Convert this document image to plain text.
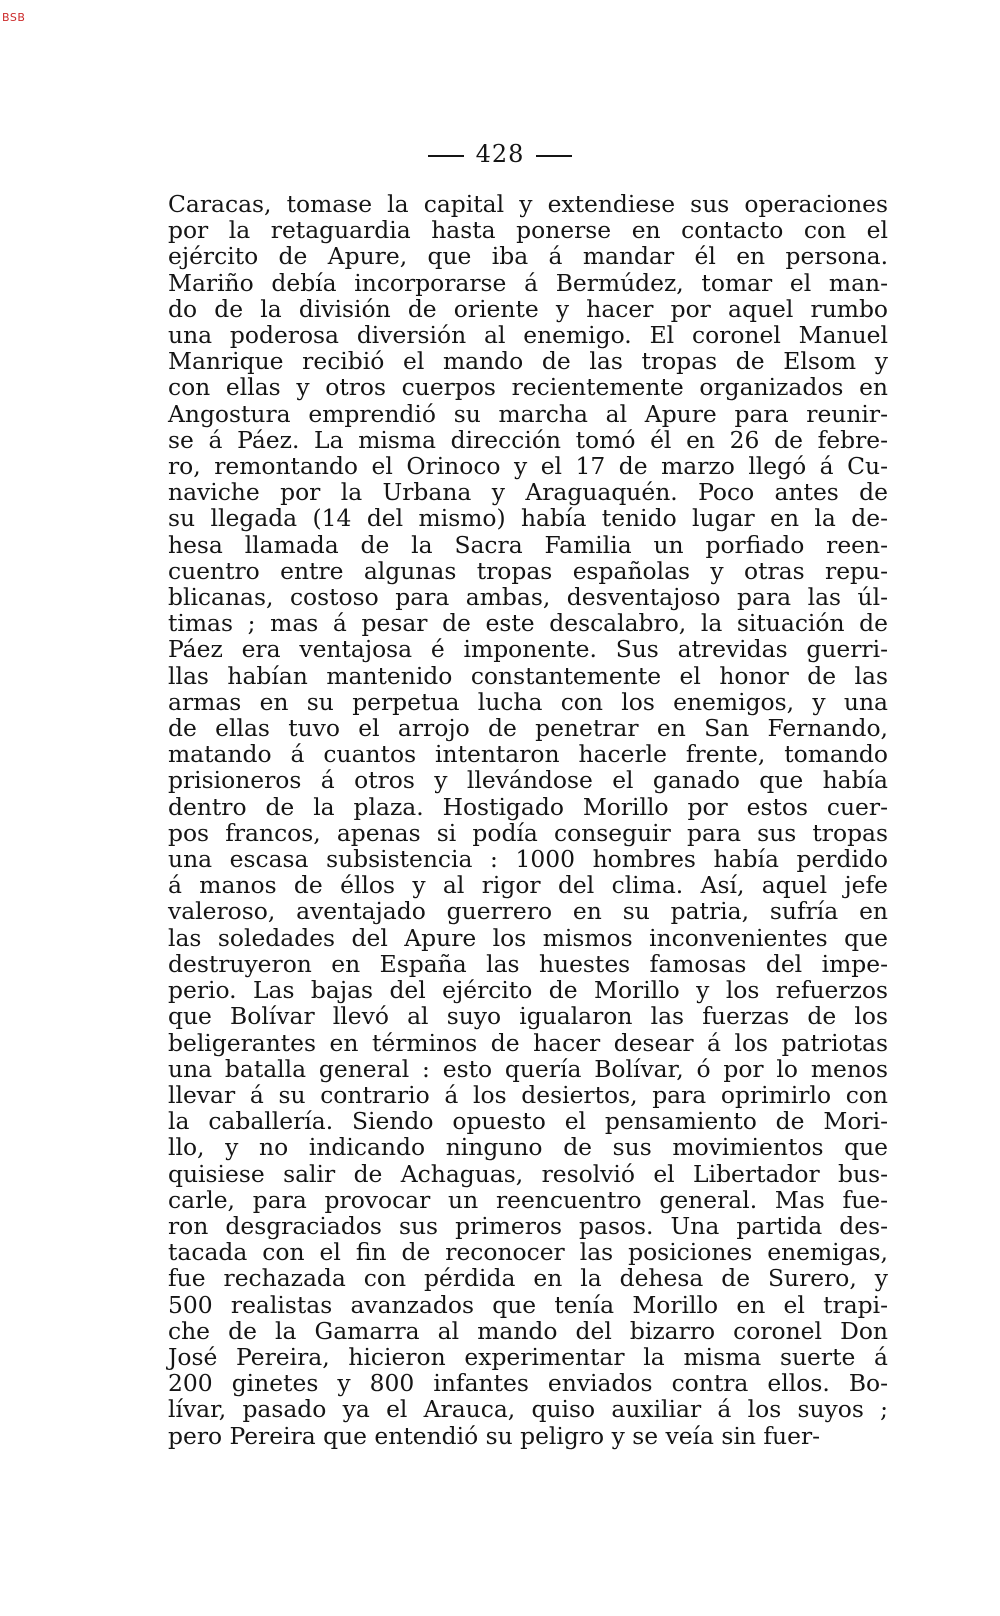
BSB
428
Caracas, tomase la capital y extendiese sus operaciones
por la retaguardia hasta ponerse en contacto con el
ejército de Apure, que iba á mandar él en persona.
Mariño debía incorporarse á Bermúdez, tomar el man-
do de la división de oriente y hacer por aquel rumbo
una poderosa diversión al enemigo. El coronel Manuel
Manrique recibió el mando de las tropas de Elsom y
con ellas y otros cuerpos recientemente organizados en
Angostura emprendió su marcha al Apure para reunir-
se á Páez. La misma dirección tomó él en 26 de febre-
ro, remontando el Orinoco y el 17 de marzo llegó á Cu-
naviche por la Urbana y Araguaquén. Poco antes de
su llegada (14 del mismo) había tenido lugar en la de-
hesa llamada de la Sacra Familia un porfiado reen-
cuentro entre algunas tropas españolas y otras repu-
blicanas, costoso para ambas, desventajoso para las úl-
timas ; mas á pesar de este descalabro, la situación de
Páez era ventajosa é imponente. Sus atrevidas guerri-
llas habían mantenido constantemente el honor de las
armas en su perpetua lucha con los enemigos, y una
de ellas tuvo el arrojo de penetrar en San Fernando,
matando á cuantos intentaron hacerle frente, tomando
prisioneros á otros y llevándose el ganado que había
dentro de la plaza. Hostigado Morillo por estos cuer-
pos francos, apenas si podía conseguir para sus tropas
una escasa subsistencia : 1000 hombres había perdido
á manos de éllos y al rigor del clima. Así, aquel jefe
valeroso, aventajado guerrero en su patria, sufría en
las soledades del Apure los mismos inconvenientes que
destruyeron en España las huestes famosas del impe-
perio. Las bajas del ejército de Morillo y los refuerzos
que Bolívar llevó al suyo igualaron las fuerzas de los
beligerantes en términos de hacer desear á los patriotas
una batalla general : esto quería Bolívar, ó por lo menos
llevar á su contrario á los desiertos, para oprimirlo con
la caballería. Siendo opuesto el pensamiento de Mori-
llo, y no indicando ninguno de sus movimientos que
quisiese salir de Achaguas, resolvió el Libertador bus-
carle, para provocar un reencuentro general. Mas fue-
ron desgraciados sus primeros pasos. Una partida des-
tacada con el fin de reconocer las posiciones enemigas,
fue rechazada con pérdida en la dehesa de Surero, y
500 realistas avanzados que tenía Morillo en el trapi-
che de la Gamarra al mando del bizarro coronel Don
José Pereira, hicieron experimentar la misma suerte á
200 ginetes y 800 infantes enviados contra ellos. Bo-
lívar, pasado ya el Arauca, quiso auxiliar á los suyos ;
pero Pereira que entendió su peligro y se veía sin fuer-
